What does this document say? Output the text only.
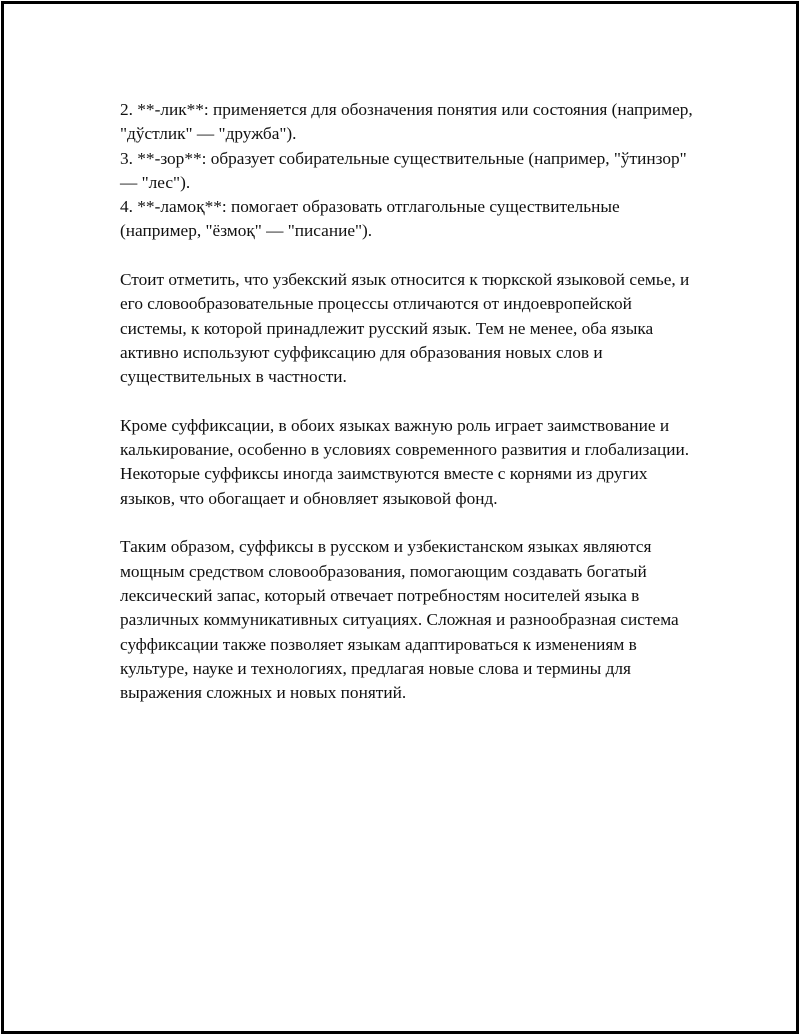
2. **-лик**: применяется для обозначения понятия или состояния (например, "дўстлик" — "дружба").

3. **-зор**: образует собирательные существительные (например, "ўтинзор" — "лес").

4. **-ламоқ**: помогает образовать отглагольные существительные (например, "ёзмоқ" — "писание").

Стоит отметить, что узбекский язык относится к тюркской языковой семье, и его словообразовательные процессы отличаются от индоевропейской системы, к которой принадлежит русский язык. Тем не менее, оба языка активно используют суффиксацию для образования новых слов и существительных в частности.

Кроме суффиксации, в обоих языках важную роль играет заимствование и калькирование, особенно в условиях современного развития и глобализации. Некоторые суффиксы иногда заимствуются вместе с корнями из других языков, что обогащает и обновляет языковой фонд.

Таким образом, суффиксы в русском и узбекистанском языках являются мощным средством словообразования, помогающим создавать богатый лексический запас, который отвечает потребностям носителей языка в различных коммуникативных ситуациях. Сложная и разнообразная система суффиксации также позволяет языкам адаптироваться к изменениям в культуре, науке и технологиях, предлагая новые слова и термины для выражения сложных и новых понятий.
